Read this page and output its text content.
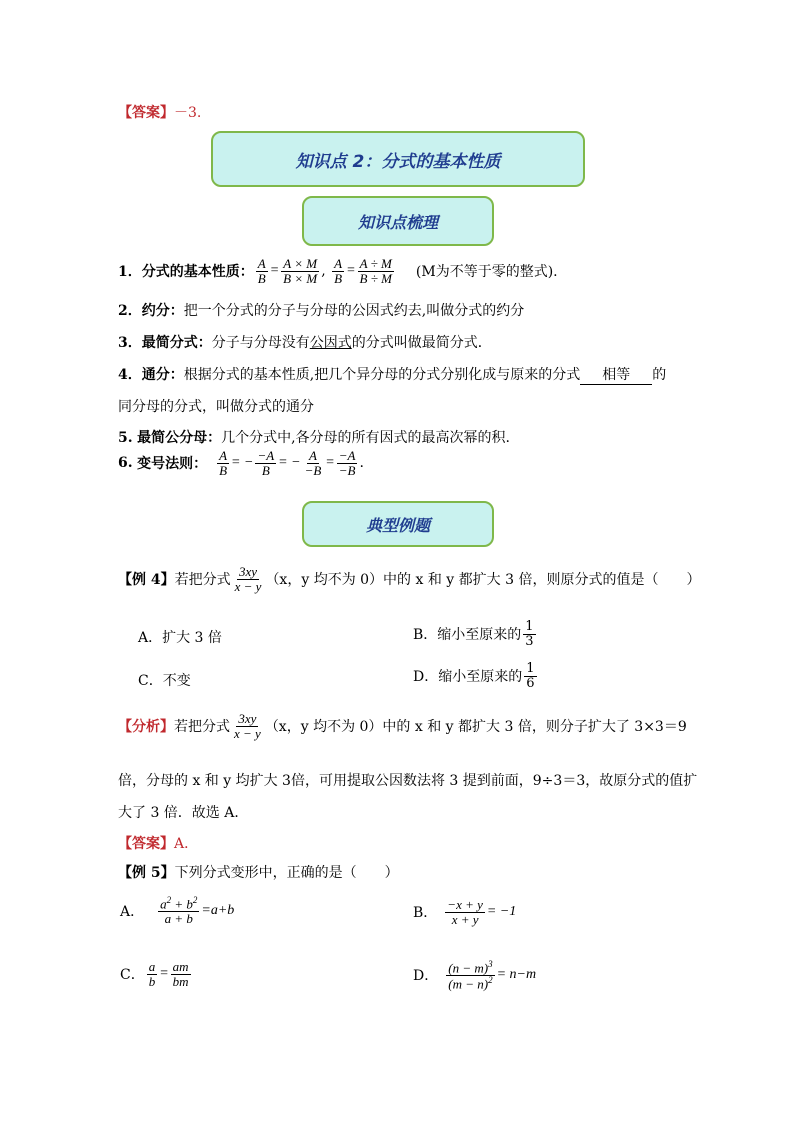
【答案】－3.
知识点 2：分式的基本性质
知识点梳理
1． 分式的基本性质： $\frac{A}{B} = \frac{A \times M}{B \times M}$ , $\frac{A}{B} = \frac{A \div M}{B \div M} (M$为不等于零的整式).
2．约分：把一个分式的分子与分母的公因式约去,叫做分式的约分
3．最简分式：分子与分母没有公因式的分式叫做最简分式．
4．通分：根据分式的基本性质,把几个异分母的分式分别化成与原来的分式 相等 的
同分母的分式，叫做分式的通分
5. 最简公分母：几个分式中,各分母的所有因式的最高次幂的积.
6.
变号法则： $\frac{A}{B}$ = − $\frac{-A}{B}$ = − $\frac{A}{-B} = \frac{-A}{-B}$ .
典型例题
【例 4】 若把分式 $\frac{3xy}{x - y} (x$，y 均不为 0）中的 x 和 y 都扩大 3 倍，则原分式的值是（　　）
A．扩大 3 倍	B．缩小至原来的 $\frac{1}{3}$
C．不变	D．缩小至原来的 $\frac{1}{6}$
【分析】 若把分式 $\frac{3xy}{x - y} (x$，y 均不为 0）中的 x 和 y 都扩大 3 倍，则分子扩大了 3×3＝9
倍，分母的 x 和 y 均扩大 3倍，可用提取公因数法将 3 提到前面，9÷3＝3，故原分式的值扩
大了 3 倍．故选 A．
【答案】A．
【例 5】下列分式变形中，正确的是（　　）
A． $\frac{a^2 + b^2}{a + b} =a+b$	B． $\frac{-x + y}{x + y} = -1$
C． $\frac{a}{b} = \frac{am}{bm}$	D． $\frac{(n - m)^3}{(m - n)^2} = n-m$
